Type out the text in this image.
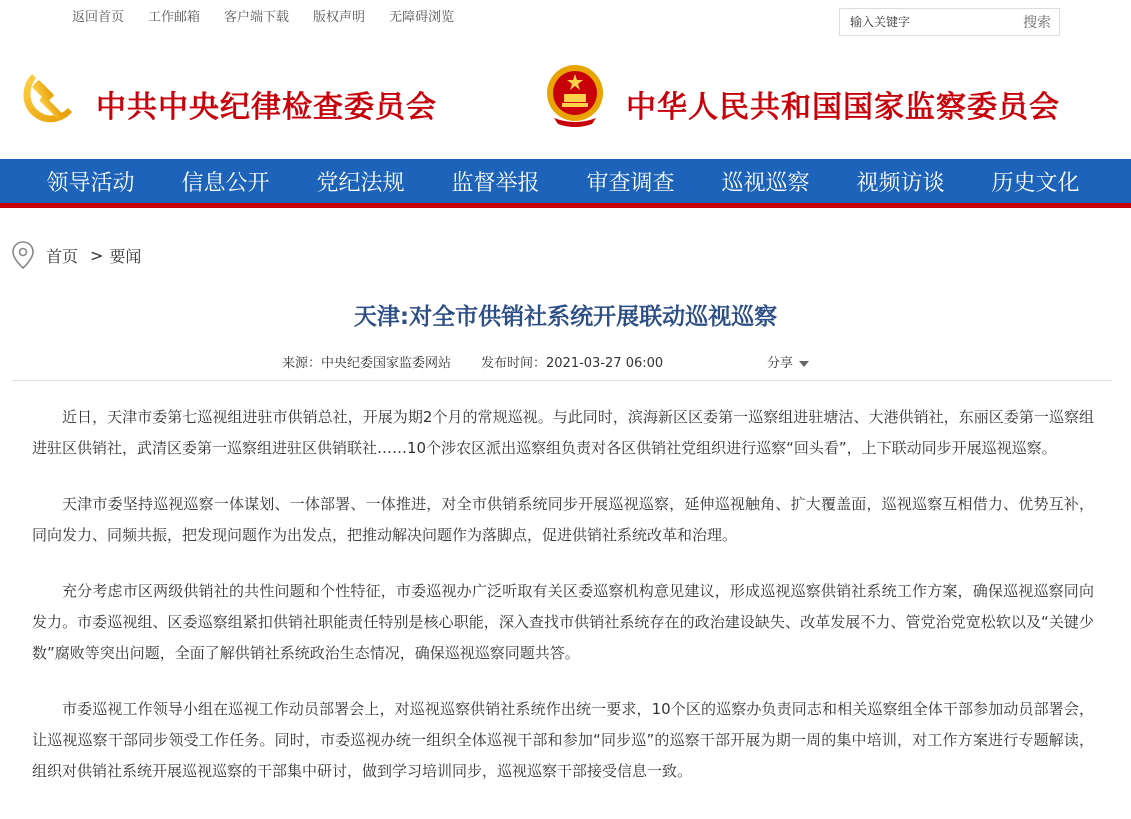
返回首页 工作邮箱 客户端下载 版权声明 无障碍浏览
输入关键字	搜索
中共中央纪律检查委员会	中华人民共和国国家监察委员会
领导活动	信息公开	党纪法规	监督举报	审查调查	巡视巡察	视频访谈	历史文化
首页 > 要闻
天津:对全市供销社系统开展联动巡视巡察
来源：中央纪委国家监委网站 发布时间：2021-03-27 06:00	分享

近日，天津市委第七巡视组进驻市供销总社，开展为期2个月的常规巡视。与此同时，滨海新区区委第一巡察组进驻塘沽、大港供销社，东丽区委第一巡察组进驻区供销社，武清区委第一巡察组进驻区供销联社……10个涉农区派出巡察组负责对各区供销社党组织进行巡察“回头看”，上下联动同步开展巡视巡察。

天津市委坚持巡视巡察一体谋划、一体部署、一体推进，对全市供销系统同步开展巡视巡察，延伸巡视触角、扩大覆盖面，巡视巡察互相借力、优势互补，同向发力、同频共振，把发现问题作为出发点，把推动解决问题作为落脚点，促进供销社系统改革和治理。

充分考虑市区两级供销社的共性问题和个性特征，市委巡视办广泛听取有关区委巡察机构意见建议，形成巡视巡察供销社系统工作方案，确保巡视巡察同向发力。市委巡视组、区委巡察组紧扣供销社职能责任特别是核心职能，深入查找市供销社系统存在的政治建设缺失、改革发展不力、管党治党宽松软以及“关键少数”腐败等突出问题，全面了解供销社系统政治生态情况，确保巡视巡察同题共答。

市委巡视工作领导小组在巡视工作动员部署会上，对巡视巡察供销社系统作出统一要求，10个区的巡察办负责同志和相关巡察组全体干部参加动员部署会，让巡视巡察干部同步领受工作任务。同时，市委巡视办统一组织全体巡视干部和参加“同步巡”的巡察干部开展为期一周的集中培训，对工作方案进行专题解读，组织对供销社系统开展巡视巡察的干部集中研讨，做到学习培训同步，巡视巡察干部接受信息一致。
